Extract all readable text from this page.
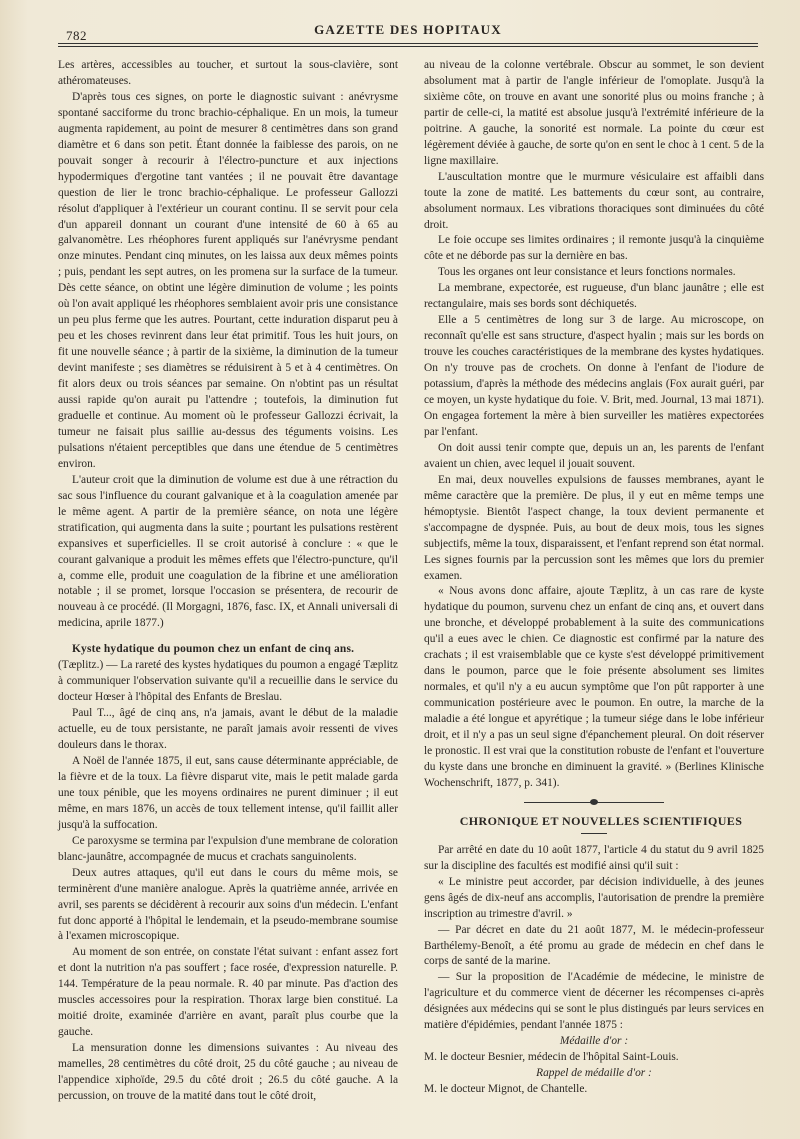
782	GAZETTE DES HOPITAUX

Les artères, accessibles au toucher, et surtout la sous-clavière, sont athéromateuses.

D'après tous ces signes, on porte le diagnostic suivant : anévrysme spontané sacciforme du tronc brachio-céphalique. En un mois, la tumeur augmenta rapidement, au point de mesurer 8 centimètres dans son grand diamètre et 6 dans son petit. Étant donnée la faiblesse des parois, on ne pouvait songer à recourir à l'électro-puncture et aux injections hypodermiques d'ergotine tant vantées ; il ne pouvait être davantage question de lier le tronc brachio-céphalique. Le professeur Gallozzi résolut d'appliquer à l'extérieur un courant continu. Il se servit pour cela d'un appareil donnant un courant d'une intensité de 60 à 65 au galvanomètre. Les rhéophores furent appliqués sur l'anévrysme pendant onze minutes. Pendant cinq minutes, on les laissa aux deux mêmes points ; puis, pendant les sept autres, on les promena sur la surface de la tumeur. Dès cette séance, on obtint une légère diminution de volume ; les points où l'on avait appliqué les rhéophores semblaient avoir pris une consistance un peu plus ferme que les autres. Pourtant, cette induration disparut peu à peu et les choses revinrent dans leur état primitif. Tous les huit jours, on fit une nouvelle séance ; à partir de la sixième, la diminution de la tumeur devint manifeste ; ses diamètres se réduisirent à 5 et à 4 centimètres. On fit alors deux ou trois séances par semaine. On n'obtint pas un résultat aussi rapide qu'on aurait pu l'attendre ; toutefois, la diminution fut graduelle et continue. Au moment où le professeur Gallozzi écrivait, la tumeur ne faisait plus saillie au-dessus des téguments voisins. Les pulsations n'étaient perceptibles que dans une étendue de 5 centimètres environ.

L'auteur croit que la diminution de volume est due à une rétraction du sac sous l'influence du courant galvanique et à la coagulation amenée par le même agent. A partir de la première séance, on nota une légère stratification, qui augmenta dans la suite ; pourtant les pulsations restèrent expansives et superficielles. Il se croit autorisé à conclure : « que le courant galvanique a produit les mêmes effets que l'électro-puncture, qu'il a, comme elle, produit une coagulation de la fibrine et une amélioration notable ; il se promet, lorsque l'occasion se présentera, de recourir de nouveau à ce procédé. (Il Morgagni, 1876, fasc. IX, et Annali universali di medicina, aprile 1877.)

Kyste hydatique du poumon chez un enfant de cinq ans.
(Tæplitz.) — La rareté des kystes hydatiques du poumon a engagé Tæplitz à communiquer l'observation suivante qu'il a recueillie dans le service du docteur Hœser à l'hôpital des Enfants de Breslau.

Paul T..., âgé de cinq ans, n'a jamais, avant le début de la maladie actuelle, eu de toux persistante, ne paraît jamais avoir ressenti de vives douleurs dans le thorax.

A Noël de l'année 1875, il eut, sans cause déterminante appréciable, de la fièvre et de la toux. La fièvre disparut vite, mais le petit malade garda une toux pénible, que les moyens ordinaires ne purent diminuer ; il eut même, en mars 1876, un accès de toux tellement intense, qu'il faillit aller jusqu'à la suffocation.

Ce paroxysme se termina par l'expulsion d'une membrane de coloration blanc-jaunâtre, accompagnée de mucus et crachats sanguinolents.

Deux autres attaques, qu'il eut dans le cours du même mois, se terminèrent d'une manière analogue. Après la quatrième année, arrivée en avril, ses parents se décidèrent à recourir aux soins d'un médecin. L'enfant fut donc apporté à l'hôpital le lendemain, et la pseudo-membrane soumise à l'examen microscopique.

Au moment de son entrée, on constate l'état suivant : enfant assez fort et dont la nutrition n'a pas souffert ; face rosée, d'expression naturelle. P. 144. Température de la peau normale. R. 40 par minute. Pas d'action des muscles accessoires pour la respiration. Thorax large bien constitué. La moitié droite, examinée d'arrière en avant, paraît plus courbe que la gauche.

La mensuration donne les dimensions suivantes : Au niveau des mamelles, 28 centimètres du côté droit, 25 du côté gauche ; au niveau de l'appendice xiphoïde, 29.5 du côté droit ; 26.5 du côté gauche. A la percussion, on trouve de la matité dans tout le côté droit,

au niveau de la colonne vertébrale. Obscur au sommet, le son devient absolument mat à partir de l'angle inférieur de l'omoplate. Jusqu'à la sixième côte, on trouve en avant une sonorité plus ou moins franche ; à partir de celle-ci, la matité est absolue jusqu'à l'extrémité inférieure de la poitrine. A gauche, la sonorité est normale. La pointe du cœur est légèrement déviée à gauche, de sorte qu'on en sent le choc à 1 cent. 5 de la ligne maxillaire.

L'auscultation montre que le murmure vésiculaire est affaibli dans toute la zone de matité. Les battements du cœur sont, au contraire, absolument normaux. Les vibrations thoraciques sont diminuées du côté droit.

Le foie occupe ses limites ordinaires ; il remonte jusqu'à la cinquième côte et ne déborde pas sur la dernière en bas.

Tous les organes ont leur consistance et leurs fonctions normales.

La membrane, expectorée, est rugueuse, d'un blanc jaunâtre ; elle est rectangulaire, mais ses bords sont déchiquetés.

Elle a 5 centimètres de long sur 3 de large. Au microscope, on reconnaît qu'elle est sans structure, d'aspect hyalin ; mais sur les bords on trouve les couches caractéristiques de la membrane des kystes hydatiques. On n'y trouve pas de crochets. On donne à l'enfant de l'iodure de potassium, d'après la méthode des médecins anglais (Fox aurait guéri, par ce moyen, un kyste hydatique du foie. V. Brit, med. Journal, 13 mai 1871). On engagea fortement la mère à bien surveiller les matières expectorées par l'enfant.

On doit aussi tenir compte que, depuis un an, les parents de l'enfant avaient un chien, avec lequel il jouait souvent.

En mai, deux nouvelles expulsions de fausses membranes, ayant le même caractère que la première. De plus, il y eut en même temps une hémoptysie. Bientôt l'aspect change, la toux devient permanente et s'accompagne de dyspnée. Puis, au bout de deux mois, tous les signes subjectifs, même la toux, disparaissent, et l'enfant reprend son état normal. Les signes fournis par la percussion sont les mêmes que lors du premier examen.

« Nous avons donc affaire, ajoute Tæplitz, à un cas rare de kyste hydatique du poumon, survenu chez un enfant de cinq ans, et ouvert dans une bronche, et développé probablement à la suite des communications qu'il a eues avec le chien. Ce diagnostic est confirmé par la nature des crachats ; il est vraisemblable que ce kyste s'est développé primitivement dans le poumon, parce que le foie présente absolument ses limites normales, et qu'il n'y a eu aucun symptôme que l'on pût rapporter à une communication postérieure avec le poumon. En outre, la marche de la maladie a été longue et apyrétique ; la tumeur siége dans le lobe inférieur droit, et il n'y a pas un seul signe d'épanchement pleural. On doit réserver le pronostic. Il est vrai que la constitution robuste de l'enfant et l'ouverture du kyste dans une bronche en diminuent la gravité. » (Berlines Klinische Wochenschrift, 1877, p. 341).

CHRONIQUE ET NOUVELLES SCIENTIFIQUES

Par arrêté en date du 10 août 1877, l'article 4 du statut du 9 avril 1825 sur la discipline des facultés est modifié ainsi qu'il suit :

« Le ministre peut accorder, par décision individuelle, à des jeunes gens âgés de dix-neuf ans accomplis, l'autorisation de prendre la première inscription au trimestre d'avril. »

— Par décret en date du 21 août 1877, M. le médecin-professeur Barthélemy-Benoît, a été promu au grade de médecin en chef dans le corps de santé de la marine.

— Sur la proposition de l'Académie de médecine, le ministre de l'agriculture et du commerce vient de décerner les récompenses ci-après désignées aux médecins qui se sont le plus distingués par leurs services en matière d'épidémies, pendant l'année 1875 :

Médaille d'or :

M. le docteur Besnier, médecin de l'hôpital Saint-Louis.

Rappel de médaille d'or :

M. le docteur Mignot, de Chantelle.
